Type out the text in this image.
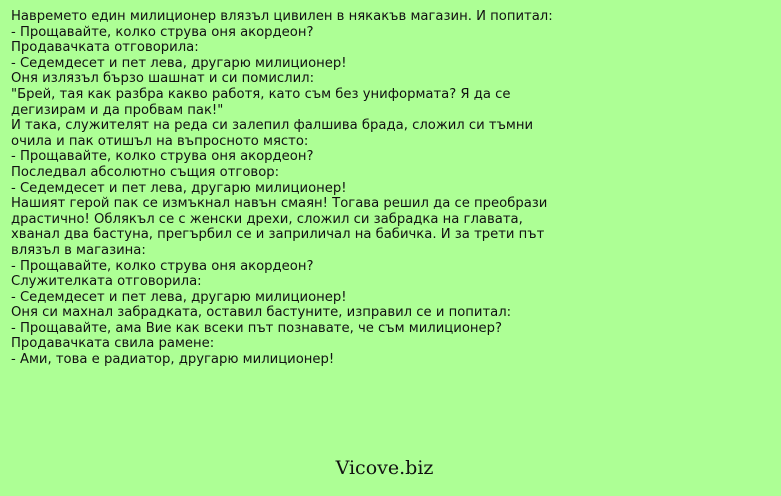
Навремето един милиционер влязъл цивилен в някакъв магазин. И попитал:
- Прощавайте, колко струва оня акордеон?
Продавачката отговорила:
- Седемдесет и пет лева, другарю милиционер!
Оня излязъл бързо шашнат и си помислил:
"Брей, тая как разбра какво работя, като съм без униформата? Я да се
дегизирам и да пробвам пак!"
И така, служителят на реда си залепил фалшива брада, сложил си тъмни
очила и пак отишъл на въпросното място:
- Прощавайте, колко струва оня акордеон?
Последвал абсолютно същия отговор:
- Седемдесет и пет лева, другарю милиционер!
Нашият герой пак се измъкнал навън смаян! Тогава решил да се преобрази
драстично! Облякъл се с женски дрехи, сложил си забрадка на главата,
хванал два бастуна, прегърбил се и заприличал на бабичка. И за трети път
влязъл в магазина:
- Прощавайте, колко струва оня акордеон?
Служителката отговорила:
- Седемдесет и пет лева, другарю милиционер!
Оня си махнал забрадката, оставил бастуните, изправил се и попитал:
- Прощавайте, ама Вие как всеки път познавате, че съм милиционер?
Продавачката свила рамене:
- Ами, това е радиатор, другарю милиционер!
Vicove.biz
